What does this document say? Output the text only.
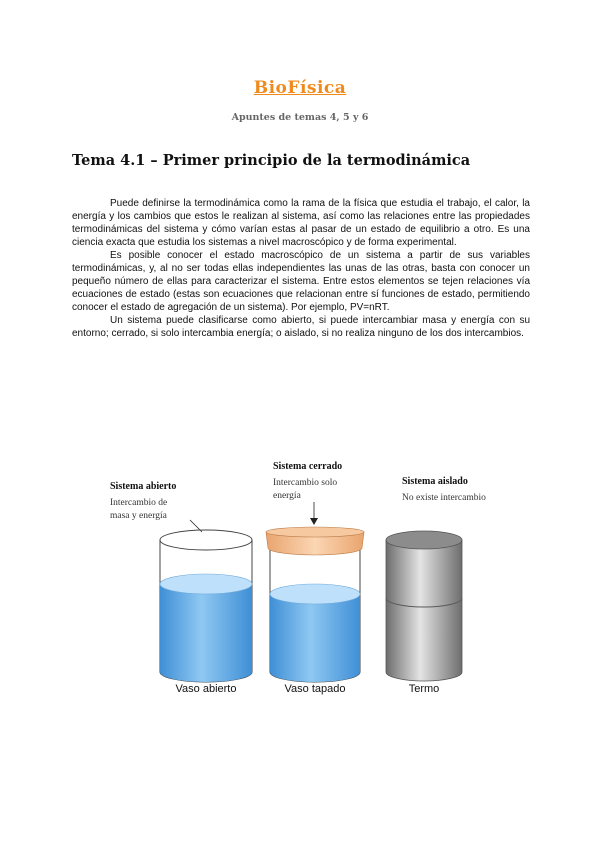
BioFísica
Apuntes de temas 4, 5 y 6
Tema 4.1 – Primer principio de la termodinámica

Puede definirse la termodinámica como la rama de la física que estudia el trabajo, el calor, la energía y los cambios que estos le realizan al sistema, así como las relaciones entre las propiedades termodinámicas del sistema y cómo varían estas al pasar de un estado de equilibrio a otro. Es una ciencia exacta que estudia los sistemas a nivel macroscópico y de forma experimental.

Es posible conocer el estado macroscópico de un sistema a partir de sus variables termodinámicas, y, al no ser todas ellas independientes las unas de las otras, basta con conocer un pequeño número de ellas para caracterizar el sistema. Entre estos elementos se tejen relaciones vía ecuaciones de estado (estas son ecuaciones que relacionan entre sí funciones de estado, permitiendo conocer el estado de agregación de un sistema). Por ejemplo, PV=nRT.

Un sistema puede clasificarse como abierto, si puede intercambiar masa y energía con su entorno; cerrado, si solo intercambia energía; o aislado, si no realiza ninguno de los dos intercambios.

Sistema abierto
Intercambio de
masa y energía
Vaso abierto
Sistema cerrado
Intercambio solo
energía
Vaso tapado
Sistema aislado
No existe intercambio
Termo
